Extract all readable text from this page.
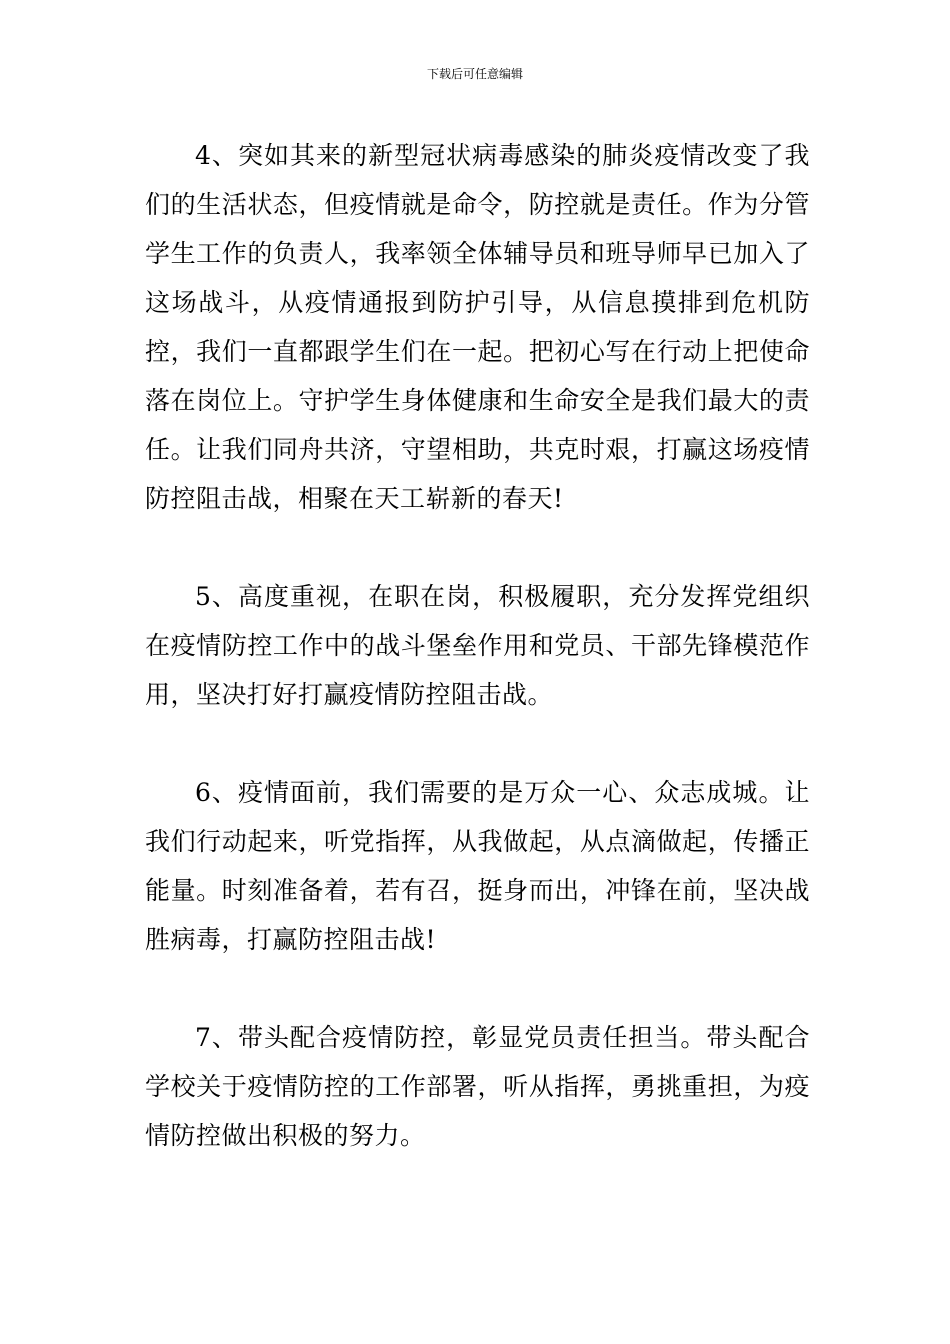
下载后可任意编辑

4、突如其来的新型冠状病毒感染的肺炎疫情改变了我们的生活状态，但疫情就是命令，防控就是责任。作为分管学生工作的负责人，我率领全体辅导员和班导师早已加入了这场战斗，从疫情通报到防护引导，从信息摸排到危机防控，我们一直都跟学生们在一起。把初心写在行动上把使命落在岗位上。守护学生身体健康和生命安全是我们最大的责任。让我们同舟共济，守望相助，共克时艰，打赢这场疫情防控阻击战，相聚在天工崭新的春天!

5、高度重视，在职在岗，积极履职，充分发挥党组织在疫情防控工作中的战斗堡垒作用和党员、干部先锋模范作用，坚决打好打赢疫情防控阻击战。

6、疫情面前，我们需要的是万众一心、众志成城。让我们行动起来，听党指挥，从我做起，从点滴做起，传播正能量。时刻准备着，若有召，挺身而出，冲锋在前，坚决战胜病毒，打赢防控阻击战!

7、带头配合疫情防控，彰显党员责任担当。带头配合学校关于疫情防控的工作部署，听从指挥，勇挑重担，为疫情防控做出积极的努力。
